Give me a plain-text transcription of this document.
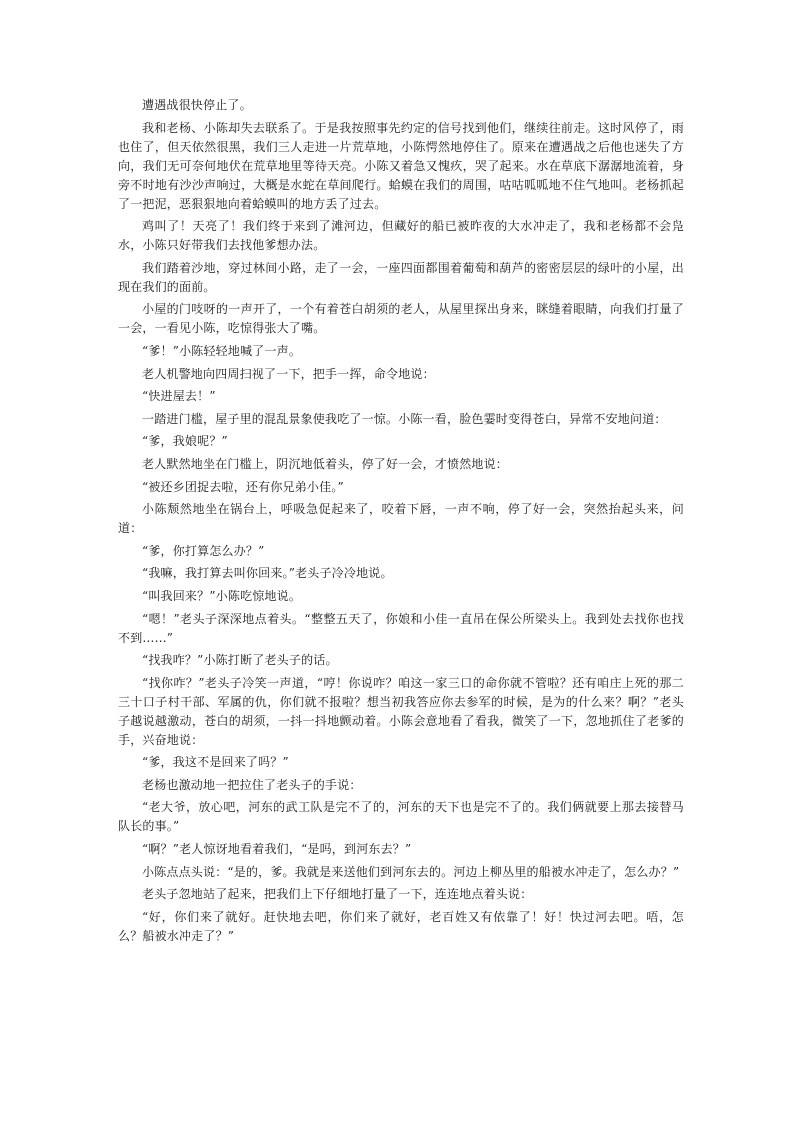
遭遇战很快停止了。

我和老杨、小陈却失去联系了。于是我按照事先约定的信号找到他们，继续往前走。这时风停了，雨也住了，但天依然很黑，我们三人走进一片荒草地，小陈愕然地停住了。原来在遭遇战之后他也迷失了方向，我们无可奈何地伏在荒草地里等待天亮。小陈又着急又愧疚，哭了起来。水在草底下潺潺地流着，身旁不时地有沙沙声响过，大概是水蛇在草间爬行。蛤蟆在我们的周围，咕咕呱呱地不住气地叫。老杨抓起了一把泥，恶狠狠地向着蛤蟆叫的地方丢了过去。

鸡叫了！天亮了！我们终于来到了滩河边，但藏好的船已被昨夜的大水冲走了，我和老杨都不会凫水，小陈只好带我们去找他爹想办法。

我们踏着沙地，穿过林间小路，走了一会，一座四面都围着葡萄和葫芦的密密层层的绿叶的小屋，出现在我们的面前。

小屋的门吱呀的一声开了，一个有着苍白胡须的老人，从屋里探出身来，眯缝着眼睛，向我们打量了一会，一看见小陈，吃惊得张大了嘴。

“爹！”小陈轻轻地喊了一声。

老人机警地向四周扫视了一下，把手一挥，命令地说：

“快进屋去！”

一踏进门槛，屋子里的混乱景象使我吃了一惊。小陈一看，脸色霎时变得苍白，异常不安地问道：

“爹，我娘呢？”

老人默然地坐在门槛上，阴沉地低着头，停了好一会，才愤然地说：

“被还乡团捉去啦，还有你兄弟小佳。”

小陈颓然地坐在锅台上，呼吸急促起来了，咬着下唇，一声不响，停了好一会，突然抬起头来，问道：

“爹，你打算怎么办？”

“我嘛，我打算去叫你回来。”老头子冷冷地说。

“叫我回来？”小陈吃惊地说。

“嗯！”老头子深深地点着头。“整整五天了，你娘和小佳一直吊在保公所梁头上。我到处去找你也找不到……”

“找我咋？”小陈打断了老头子的话。

“找你咋？”老头子冷笑一声道，“哼！你说咋？咱这一家三口的命你就不管啦？还有咱庄上死的那二三十口子村干部、军属的仇，你们就不报啦？想当初我答应你去参军的时候，是为的什么来？啊？”老头子越说越激动，苍白的胡须，一抖一抖地颤动着。小陈会意地看了看我，微笑了一下，忽地抓住了老爹的手，兴奋地说：

“爹，我这不是回来了吗？”

老杨也激动地一把拉住了老头子的手说：

“老大爷，放心吧，河东的武工队是完不了的，河东的天下也是完不了的。我们俩就要上那去接替马队长的事。”

“啊？”老人惊讶地看着我们，“是吗，到河东去？”

小陈点点头说：“是的，爹。我就是来送他们到河东去的。河边上柳丛里的船被水冲走了，怎么办？”

老头子忽地站了起来，把我们上下仔细地打量了一下，连连地点着头说：

“好，你们来了就好。赶快地去吧，你们来了就好，老百姓又有依靠了！好！快过河去吧。唔，怎么？船被水冲走了？”
